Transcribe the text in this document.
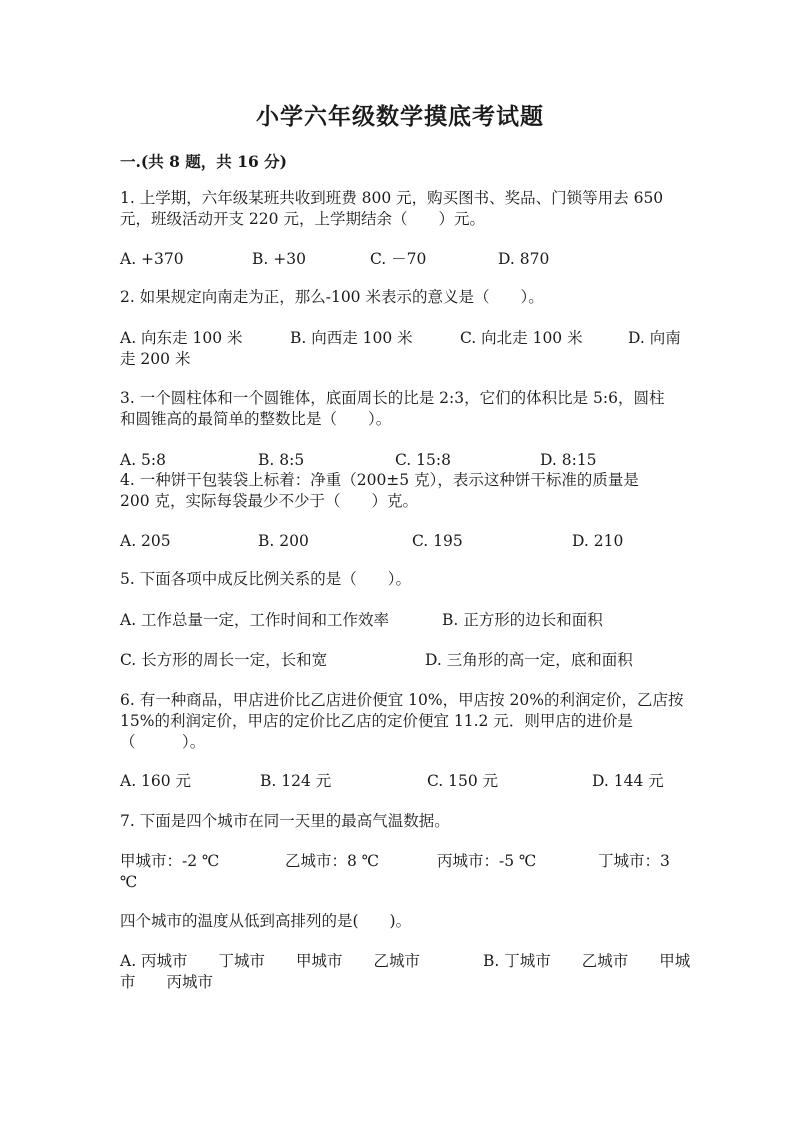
小学六年级数学摸底考试题
一.(共 8 题，共 16 分)
1. 上学期，六年级某班共收到班费 800 元，购买图书、奖品、门锁等用去 650
元，班级活动开支 220 元，上学期结余（　　）元。
A. +370	B. +30	C. －70	D. 870
2. 如果规定向南走为正，那么-100 米表示的意义是（　　）。
A. 向东走 100 米	B. 向西走 100 米	C. 向北走 100 米	D. 向南
走 200 米
3. 一个圆柱体和一个圆锥体，底面周长的比是 2:3，它们的体积比是 5:6，圆柱
和圆锥高的最简单的整数比是（　　）。
A. 5:8	B. 8:5	C. 15:8	D. 8:15
4. 一种饼干包装袋上标着：净重（200±5 克），表示这种饼干标准的质量是
200 克，实际每袋最少不少于（　　）克。
A. 205	B. 200	C. 195	D. 210
5. 下面各项中成反比例关系的是（　　）。
A. 工作总量一定，工作时间和工作效率	B. 正方形的边长和面积
C. 长方形的周长一定，长和宽	D. 三角形的高一定，底和面积
6. 有一种商品，甲店进价比乙店进价便宜 10%，甲店按 20%的利润定价，乙店按
15%的利润定价，甲店的定价比乙店的定价便宜 11.2 元．则甲店的进价是
（　　　）。
A. 160 元	B. 124 元	C. 150 元	D. 144 元
7. 下面是四个城市在同一天里的最高气温数据。
甲城市：-2 ℃	乙城市：8 ℃	丙城市：-5 ℃	丁城市：3
℃
四个城市的温度从低到高排列的是(　　)。
A. 丙城市　　丁城市　　甲城市　　乙城市	B. 丁城市　　乙城市　　甲城
市　　丙城市
